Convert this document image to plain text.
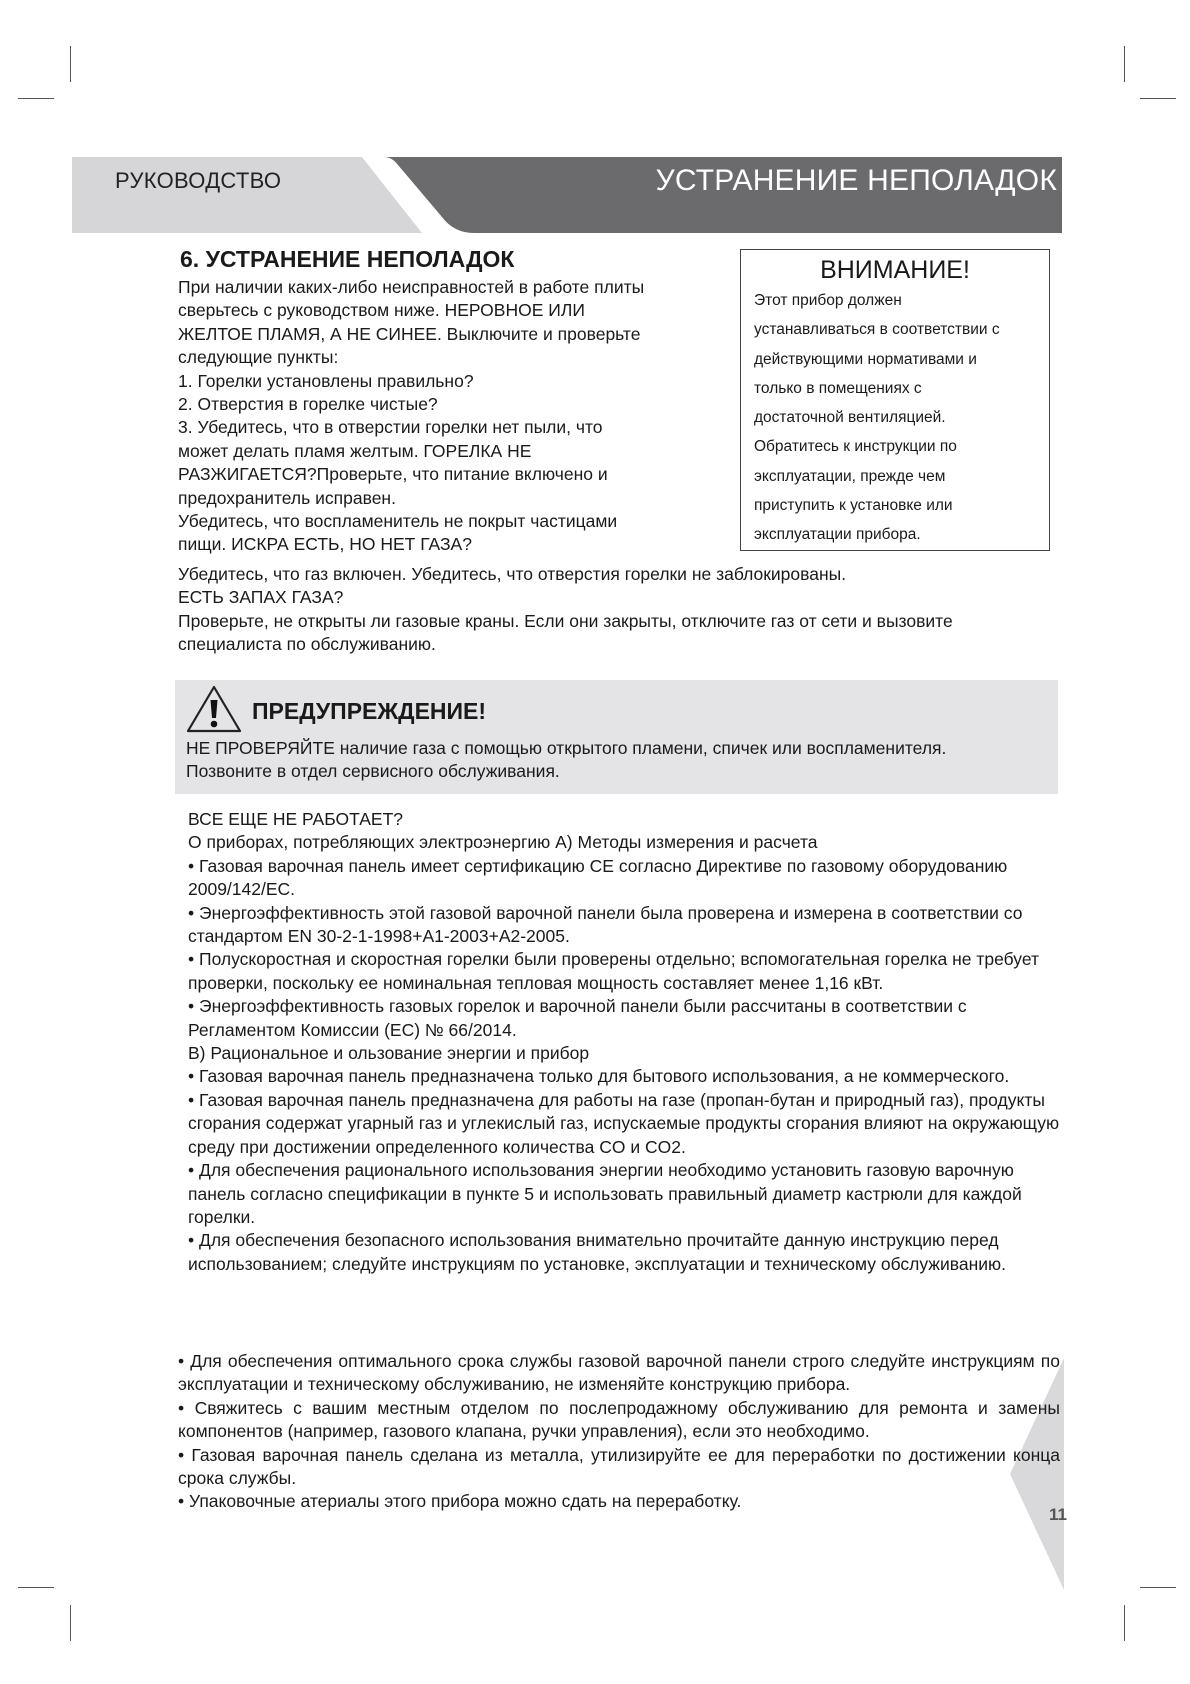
РУКОВОДСТВО	УСТРАНЕНИЕ НЕПОЛАДОК
6. УСТРАНЕНИЕ НЕПОЛАДОК
При наличии каких-либо неисправностей в работе плиты
сверьтесь с руководством ниже. НЕРОВНОЕ ИЛИ
ЖЕЛТОЕ ПЛАМЯ, А НЕ СИНЕЕ. Выключите и проверьте
следующие пункты:
1. Горелки установлены правильно?
2. Отверстия в горелке чистые?
3. Убедитесь, что в отверстии горелки нет пыли, что
может делать пламя желтым. ГОРЕЛКА НЕ
РАЗЖИГАЕТСЯ?Проверьте, что питание включено и
предохранитель исправен.
Убедитесь, что воспламенитель не покрыт частицами
пищи. ИСКРА ЕСТЬ, НО НЕТ ГАЗА?
ВНИМАНИЕ!
Этот прибор должен
устанавливаться в соответствии с
действующими нормативами и
только в помещениях с
достаточной вентиляцией.
Обратитесь к инструкции по
эксплуатации, прежде чем
приступить к установке или
эксплуатации прибора.
Убедитесь, что газ включен. Убедитесь, что отверстия горелки не заблокированы.
ЕСТЬ ЗАПАХ ГАЗА?
Проверьте, не открыты ли газовые краны. Если они закрыты, отключите газ от сети и вызовите
специалиста по обслуживанию.
ПРЕДУПРЕЖДЕНИЕ!
НЕ ПРОВЕРЯЙТЕ наличие газа с помощью открытого пламени, спичек или воспламенителя.
Позвоните в отдел сервисного обслуживания.

ВСЕ ЕЩЕ НЕ РАБОТАЕТ?

О приборах, потребляющих электроэнергию А) Методы измерения и расчета

• Газовая варочная панель имеет сертификацию CE согласно Директиве по газовому оборудованию 2009/142/EC.

• Энергоэффективность этой газовой варочной панели была проверена и измерена в соответствии со стандартом EN 30-2-1-1998+A1-2003+A2-2005.

• Полускоростная и скоростная горелки были проверены отдельно; вспомогательная горелка не требует проверки, поскольку ее номинальная тепловая мощность составляет менее 1,16 кВт.

• Энергоэффективность газовых горелок и варочной панели были рассчитаны в соответствии с Регламентом Комиссии (ЕС) № 66/2014.

B) Рациональное и ользование энергии и прибор

• Газовая варочная панель предназначена только для бытового использования, а не коммерческого.

• Газовая варочная панель предназначена для работы на газе (пропан-бутан и природный газ), продукты сгорания содержат угарный газ и углекислый газ, испускаемые продукты сгорания влияют на окружающую среду при достижении определенного количества CO и CO2.

• Для обеспечения рационального использования энергии необходимо установить газовую варочную панель согласно спецификации в пункте 5 и использовать правильный диаметр кастрюли для каждой горелки.

• Для обеспечения безопасного использования внимательно прочитайте данную инструкцию перед использованием; следуйте инструкциям по установке, эксплуатации и техническому обслуживанию.

11

• Для обеспечения оптимального срока службы газовой варочной панели строго следуйте инструкциям по эксплуатации и техническому обслуживанию, не изменяйте конструкцию прибора.

• Свяжитесь с вашим местным отделом по послепродажному обслуживанию для ремонта и замены компонентов (например, газового клапана, ручки управления), если это необходимо.

• Газовая варочная панель сделана из металла, утилизируйте ее для переработки по достижении конца срока службы.

• Упаковочные атериалы этого прибора можно сдать на переработку.
